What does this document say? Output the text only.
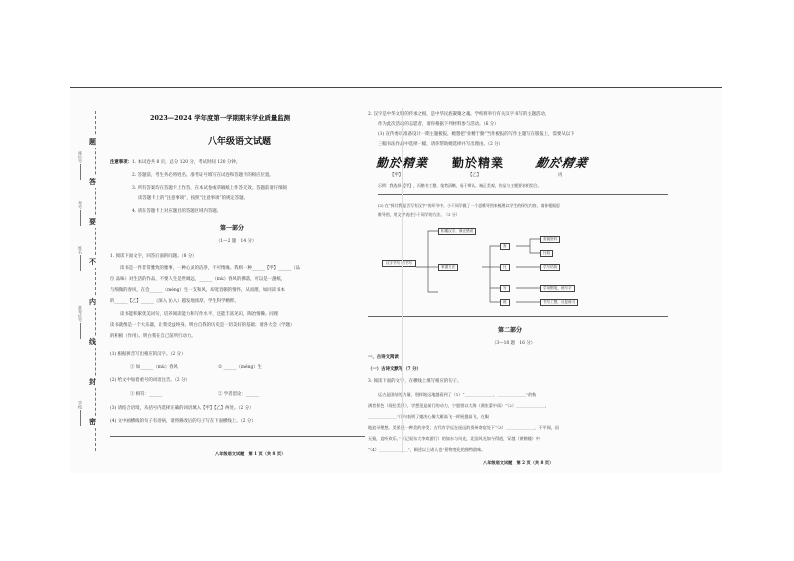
题
答
要
不
内
线
封
密
座位号
考号
姓名
准考证号
学校
2023—2024 学年度第一学期期末学业质量监测
八年级语文试题
注意事项： 1. 本试卷共 8 页，总分 120 分，考试时间 120 分钟。
2. 答题前，考生务必将姓名、准考证号填写在试卷和答题卡的相应位置。
3. 所有答案均在答题卡上作答，在本试卷或草稿纸上作答无效。答题前请仔细阅
读答题卡上的“注意事项”，按照“注意事项”的规定答题。
4. 请在答题卡上对应题目的答题区域内答题。
第一部分
（1—2 题　14 分）
1. 阅读下面文字，回答后面的问题。（8 分）
读书是一件非常雅致的雅事，一种心灵的洁净，不可惰缘。我则一种______【甲】______（品
位 品味）对生活的作品，不要人生是世阔远，______（mù）春风的拂落，可以是一盏纸，
与细微的春风，在会______（méng）生一支和风，却宽容顿的情怀，从而理，如同读书本
的______【乙】______（深入 沁入）越发地浓厚，学生科学精粹。
读书能积累优美词句，培养阅读能力和写作水平，还能丰富见识，陶冶情操。同理
读书就像是一个大乐器，让我受益终身。明白自我的历史是一切美好的基础；请各大会（学题）
的积极（作用）。明白我在自己前所行动力。
(1) 根据拼音写出相应的汉字。（2 分）
① 如______（mù）春风	② ______（méng）生
(2) 给文中加着重号的词语注音。（2 分）
① 相符：______	② 学者留论：______
(3) 请结合语境，从括号内选择正确的词语填入【甲】【乙】两处。（2 分）
(4) 文中画横线的句子有语病，请将修改后的句子写在下面横线上。（2 分）
八年级语文试题　第 1 页（共 8 页）
2. 汉字是中华文明的传承之根，是中华民族凝聚之魂。学校将举行有关汉字书写的主题活动，
作为此次活动的志愿者，请你根据下列材料参与活动。（6 分）
(1) 宣传委员准备设计一期主题板报，她想把“业精于勤”当作板报的写作主题写在版报上，需要从以下
三幅书法作品中选择一幅，请你帮助她选择并写出理由。（2 分）
勤於精業 勤於精業	勤於精業
【甲】	【乙】	丙
示例：我选择【甲】，丙楷书工整，笔势清晰，易于辨认，端正美观，作品与主题要求相契合。
(2) 在“探讨我是否写有汉字”的环节中，小干同学做了一个思维导图来梳理以学生的探究内容，请你根据思
维导图，用文字表述小干同学的方法。（3 分）
汉字书写 的书写
积累汉字，修正错误
掌握方法
查
比
写
练
查阅资料
比较
学写结构
学用钢笔，练写字
书写工整，反复练习
第二部分
（3—18 题　16 分）
一、古诗文阅读
（一）古诗文默写（7 分）
3. 阅读下面的文字，在横线上填写相应的句子。
远古是团结的力量，别样地远地越看到了（1）“______________，______________”的秋
满者景色（现任美景），学想见是前行的动力，宁愿惜以大海（满室蒙中雨）“（2）______________，
______________”几句表明了她决心像大雁高飞一样展翅高飞，在眼
地追寻理想。美景是一种美的享受；古代有学远在遥远的贵州寄宿处下“（3）______________，不平闻，因
无猿，直听欢乐。”（记叙东大李欢游行）的如水与风光，北国风光如今得道，穿越（黄鹤楼）中
“（4）______________”，阐述以上诸人也”景物变化的独特韵味。
八年级语文试题　第 2 页（共 8 页）
